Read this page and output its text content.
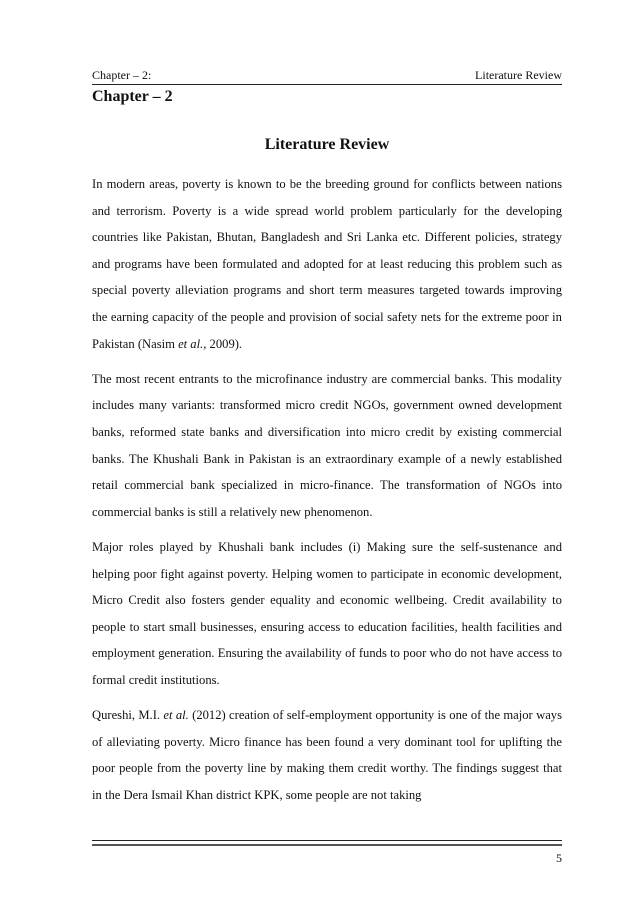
Chapter – 2:	Literature Review
Chapter – 2
Literature Review

In modern areas, poverty is known to be the breeding ground for conflicts between nations and terrorism. Poverty is a wide spread world problem particularly for the developing countries like Pakistan, Bhutan, Bangladesh and Sri Lanka etc. Different policies, strategy and programs have been formulated and adopted for at least reducing this problem such as special poverty alleviation programs and short term measures targeted towards improving the earning capacity of the people and provision of social safety nets for the extreme poor in Pakistan (Nasim et al., 2009).

The most recent entrants to the microfinance industry are commercial banks. This modality includes many variants: transformed micro credit NGOs, government owned development banks, reformed state banks and diversification into micro credit by existing commercial banks. The Khushali Bank in Pakistan is an extraordinary example of a newly established retail commercial bank specialized in micro-finance. The transformation of NGOs into commercial banks is still a relatively new phenomenon.

Major roles played by Khushali bank includes (i) Making sure the self-sustenance and helping poor fight against poverty. Helping women to participate in economic development, Micro Credit also fosters gender equality and economic wellbeing. Credit availability to people to start small businesses, ensuring access to education facilities, health facilities and employment generation. Ensuring the availability of funds to poor who do not have access to formal credit institutions.

Qureshi, M.I. et al. (2012) creation of self-employment opportunity is one of the major ways of alleviating poverty. Micro finance has been found a very dominant tool for uplifting the poor people from the poverty line by making them credit worthy. The findings suggest that in the Dera Ismail Khan district KPK, some people are not taking

5
